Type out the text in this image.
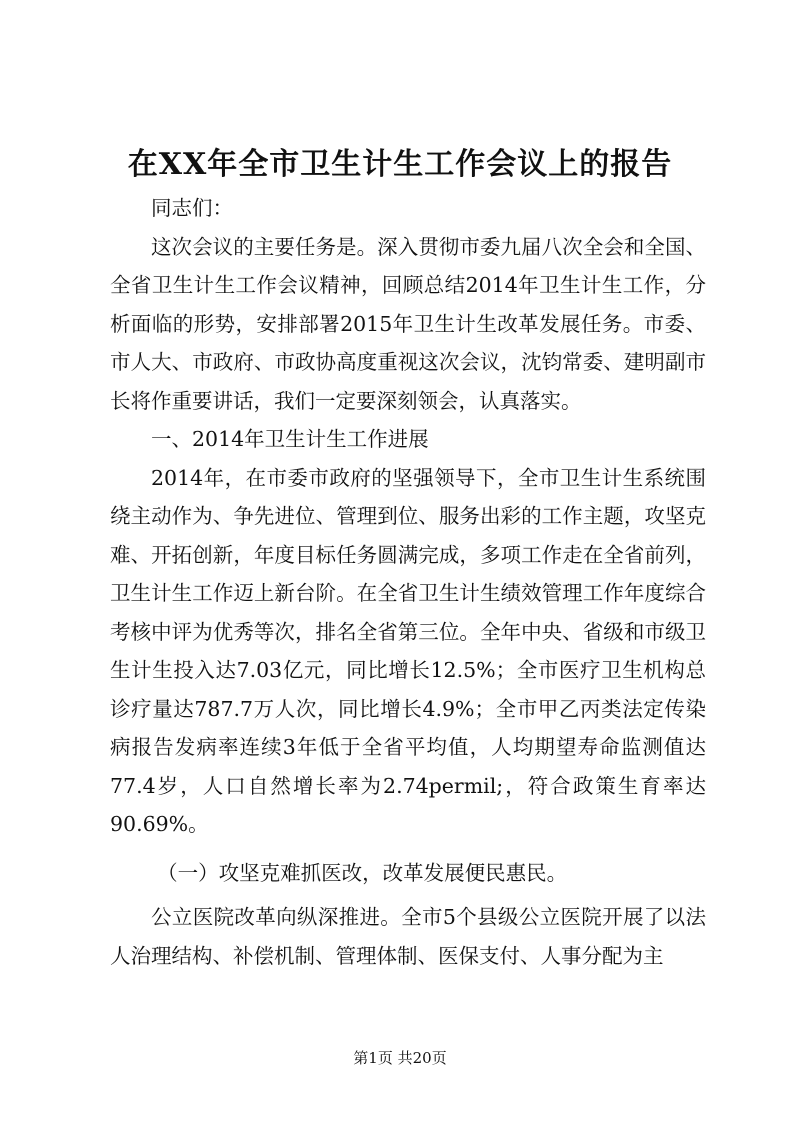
在XX年全市卫生计生工作会议上的报告

同志们：

这次会议的主要任务是。深入贯彻市委九届八次全会和全国、全省卫生计生工作会议精神，回顾总结2014年卫生计生工作，分析面临的形势，安排部署2015年卫生计生改革发展任务。市委、市人大、市政府、市政协高度重视这次会议，沈钧常委、建明副市长将作重要讲话，我们一定要深刻领会，认真落实。

一、2014年卫生计生工作进展

2014年，在市委市政府的坚强领导下，全市卫生计生系统围绕主动作为、争先进位、管理到位、服务出彩的工作主题，攻坚克难、开拓创新，年度目标任务圆满完成，多项工作走在全省前列，卫生计生工作迈上新台阶。在全省卫生计生绩效管理工作年度综合考核中评为优秀等次，排名全省第三位。全年中央、省级和市级卫生计生投入达7.03亿元，同比增长12.5%；全市医疗卫生机构总诊疗量达787.7万人次，同比增长4.9%；全市甲乙丙类法定传染病报告发病率连续3年低于全省平均值，人均期望寿命监测值达77.4岁，人口自然增长率为2.74permil;，符合政策生育率达90.69%。

（一）攻坚克难抓医改，改革发展便民惠民。

公立医院改革向纵深推进。全市5个县级公立医院开展了以法人治理结构、补偿机制、管理体制、医保支付、人事分配为主

第1页 共20页
